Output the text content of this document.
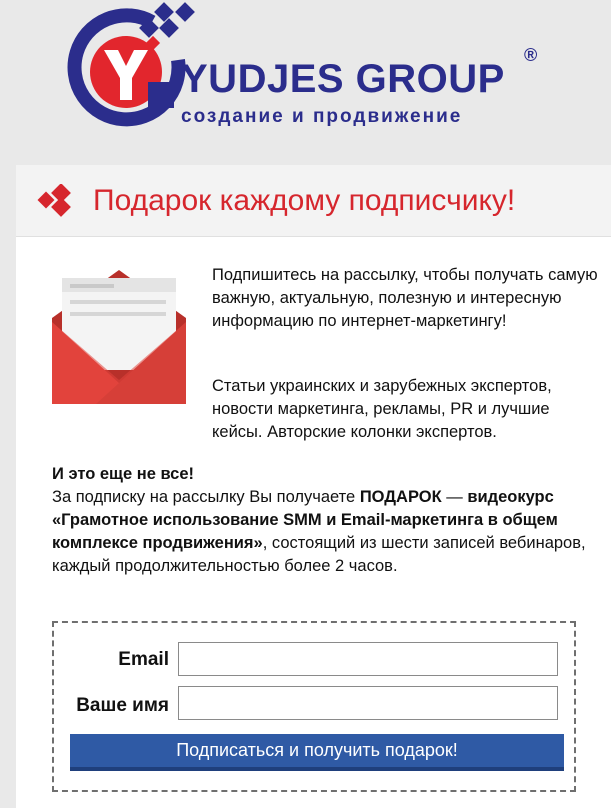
YUDJES GROUP
®
создание и продвижение
Подарок каждому подписчику!
Подпишитесь на рассылку, чтобы получать самую важную, актуальную, полезную и интересную информацию по интернет-маркетингу!
Статьи украинских и зарубежных экспертов, новости маркетинга, рекламы, PR и лучшие кейсы. Авторские колонки экспертов.
И это еще не все!
За подписку на рассылку Вы получаете ПОДАРОК — видеокурс «Грамотное использование SMM и Email-маркетинга в общем комплексе продвижения», состоящий из шести записей вебинаров, каждый продолжительностью более 2 часов.
Email
Ваше имя
Подписаться и получить подарок!
